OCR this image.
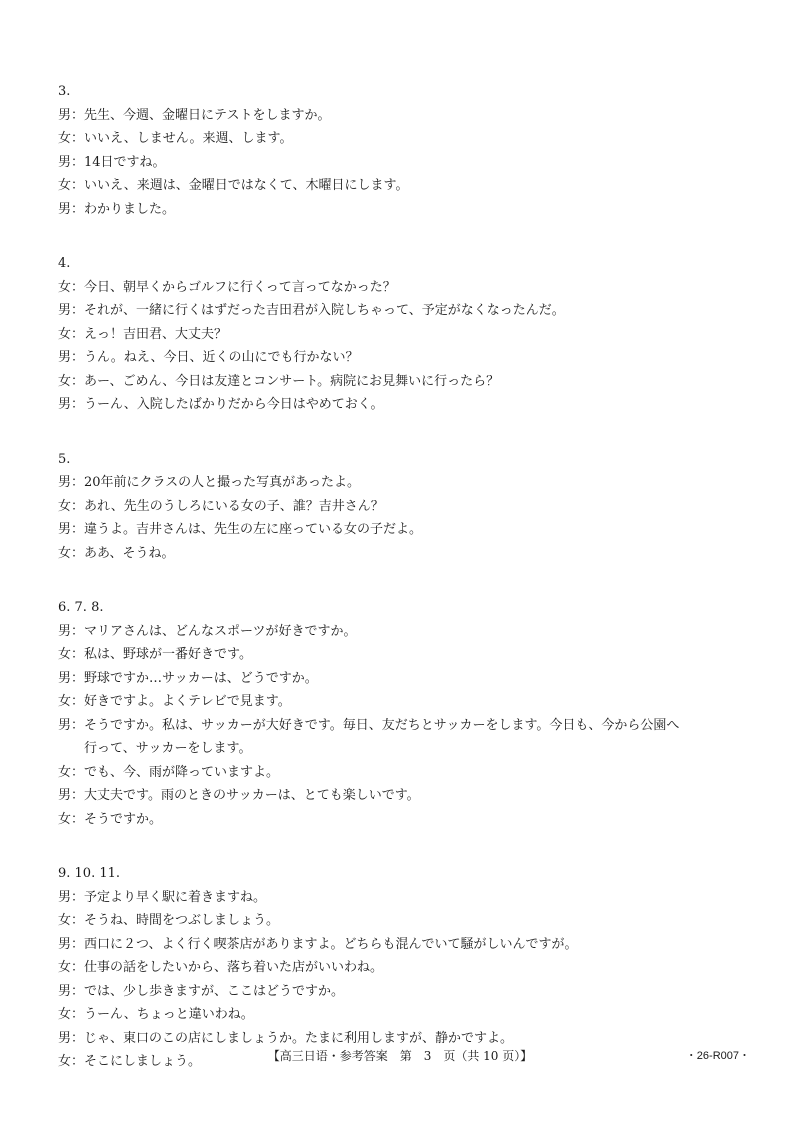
3.
男：先生、今週、金曜日にテストをしますか。
女：いいえ、しません。来週、します。
男：14日ですね。
女：いいえ、来週は、金曜日ではなくて、木曜日にします。
男：わかりました。
4.
女：今日、朝早くからゴルフに行くって言ってなかった？
男：それが、一緒に行くはずだった吉田君が入院しちゃって、予定がなくなったんだ。
女：えっ！吉田君、大丈夫？
男：うん。ねえ、今日、近くの山にでも行かない？
女：あー、ごめん、今日は友達とコンサート。病院にお見舞いに行ったら？
男：うーん、入院したばかりだから今日はやめておく。
5.
男：20年前にクラスの人と撮った写真があったよ。
女：あれ、先生のうしろにいる女の子、誰？吉井さん？
男：違うよ。吉井さんは、先生の左に座っている女の子だよ。
女：ああ、そうね。
6. 7. 8.
男：マリアさんは、どんなスポーツが好きですか。
女：私は、野球が一番好きです。
男：野球ですか…サッカーは、どうですか。
女：好きですよ。よくテレビで見ます。
男：そうですか。私は、サッカーが大好きです。毎日、友だちとサッカーをします。今日も、今から公園へ
行って、サッカーをします。
女：でも、今、雨が降っていますよ。
男：大丈夫です。雨のときのサッカーは、とても楽しいです。
女：そうですか。
9. 10. 11.
男：予定より早く駅に着きますね。
女：そうね、時間をつぶしましょう。
男：西口に２つ、よく行く喫茶店がありますよ。どちらも混んでいて騒がしいんですが。
女：仕事の話をしたいから、落ち着いた店がいいわね。
男：では、少し歩きますが、ここはどうですか。
女：うーん、ちょっと違いわね。
男：じゃ、東口のこの店にしましょうか。たまに利用しますが、静かですよ。
女：そこにしましょう。	【高三日语・参考答案　第　3　页（共 10 页）】	・26-R007・
